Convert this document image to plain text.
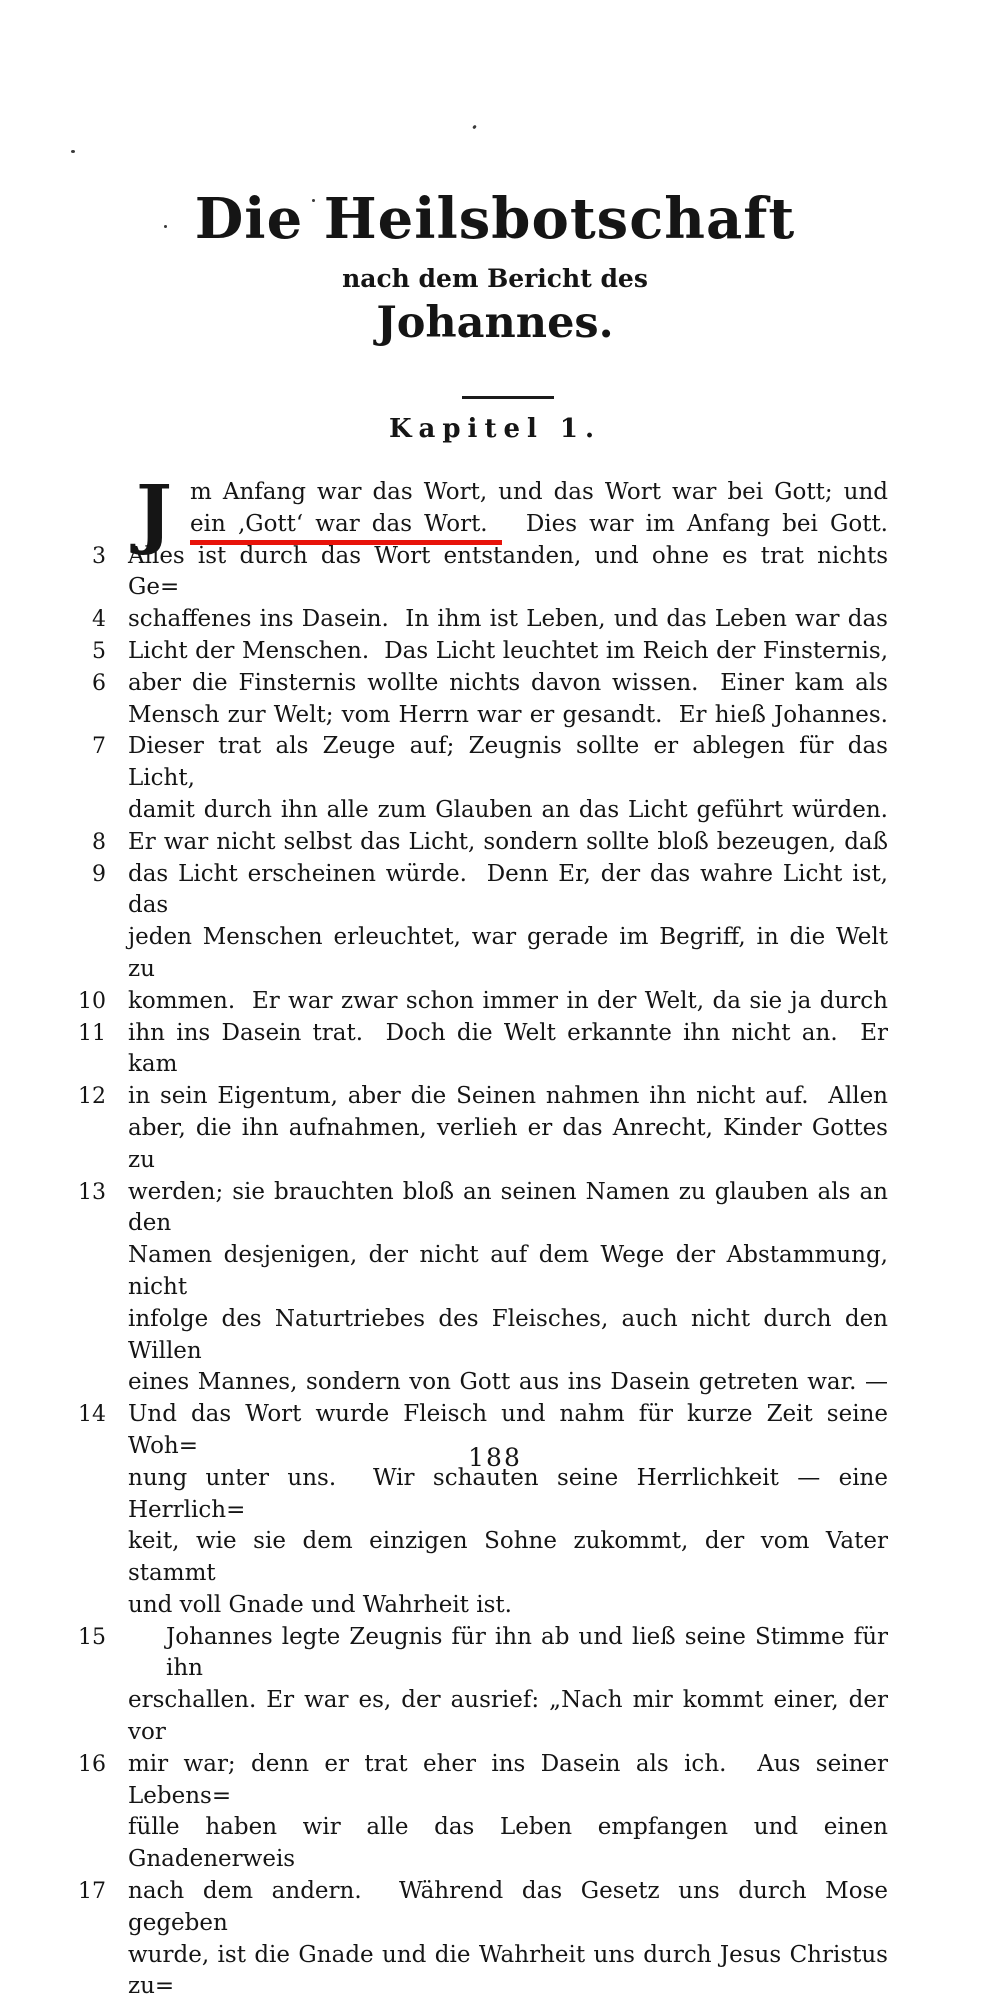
Die Heilsbotschaft
nach dem Bericht des
Johannes.
Kapitel 1.
J m Anfang war das Wort, und das Wort war bei Gott; und
ein ‚Gott‘ war das Wort.  Dies war im Anfang bei Gott.
3 Alles ist durch das Wort entstanden, und ohne es trat nichts Ge=
4 schaffenes ins Dasein.  In ihm ist Leben, und das Leben war das
5 Licht der Menschen.  Das Licht leuchtet im Reich der Finsternis,
6 aber die Finsternis wollte nichts davon wissen.  Einer kam als
Mensch zur Welt; vom Herrn war er gesandt.  Er hieß Johannes.
7 Dieser trat als Zeuge auf; Zeugnis sollte er ablegen für das Licht,
damit durch ihn alle zum Glauben an das Licht geführt würden.
8 Er war nicht selbst das Licht, sondern sollte bloß bezeugen, daß
9 das Licht erscheinen würde.  Denn Er, der das wahre Licht ist, das
jeden Menschen erleuchtet, war gerade im Begriff, in die Welt zu
10 kommen.  Er war zwar schon immer in der Welt, da sie ja durch
11 ihn ins Dasein trat.  Doch die Welt erkannte ihn nicht an.  Er kam
12 in sein Eigentum, aber die Seinen nahmen ihn nicht auf.  Allen
aber, die ihn aufnahmen, verlieh er das Anrecht, Kinder Gottes zu
13 werden; sie brauchten bloß an seinen Namen zu glauben als an den
Namen desjenigen, der nicht auf dem Wege der Abstammung, nicht
infolge des Naturtriebes des Fleisches, auch nicht durch den Willen
eines Mannes, sondern von Gott aus ins Dasein getreten war. —
14 Und das Wort wurde Fleisch und nahm für kurze Zeit seine Woh=
nung unter uns.  Wir schauten seine Herrlichkeit — eine Herrlich=
keit, wie sie dem einzigen Sohne zukommt, der vom Vater stammt
und voll Gnade und Wahrheit ist.
15	Johannes legte Zeugnis für ihn ab und ließ seine Stimme für ihn
erschallen. Er war es, der ausrief: „Nach mir kommt einer, der vor
16 mir war; denn er trat eher ins Dasein als ich.  Aus seiner Lebens=
fülle haben wir alle das Leben empfangen und einen Gnadenerweis
17 nach dem andern.  Während das Gesetz uns durch Mose gegeben
wurde, ist die Gnade und die Wahrheit uns durch Jesus Christus zu=
188
